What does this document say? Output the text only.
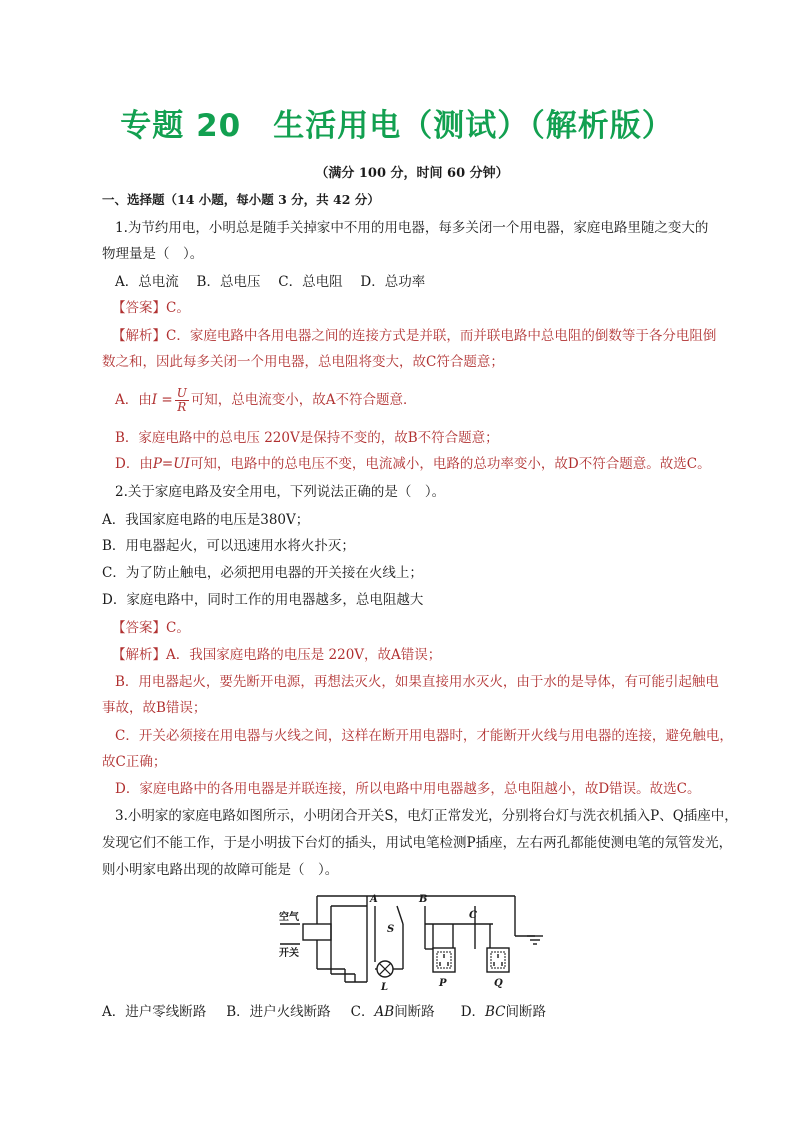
专题 20　生活用电（测试）（解析版）
（满分 100 分，时间 60 分钟）
一、选择题（14 小题，每小题 3 分，共 42 分）
1.为节约用电，小明总是随手关掉家中不用的用电器，每多关闭一个用电器，家庭电路里随之变大的
物理量是（　）。
A．总电流　 B．总电压　 C．总电阻　 D．总功率
【答案】C。
【解析】C．家庭电路中各用电器之间的连接方式是并联，而并联电路中总电阻的倒数等于各分电阻倒
数之和，因此每多关闭一个用电器，总电阻将变大，故C符合题意；
A．由$I = \frac{U}{R}$ 可知，总电流变小，故A不符合题意．
B．家庭电路中的总电压 220V是保持不变的，故B不符合题意；
D．由P=UI可知，电路中的总电压不变，电流减小，电路的总功率变小，故D不符合题意。故选C。
2.关于家庭电路及安全用电，下列说法正确的是（　）。
A．我国家庭电路的电压是380V；
B．用电器起火，可以迅速用水将火扑灭；
C．为了防止触电，必须把用电器的开关接在火线上；
D．家庭电路中，同时工作的用电器越多，总电阻越大
【答案】C。
【解析】A．我国家庭电路的电压是 220V，故A错误；
B．用电器起火，要先断开电源，再想法灭火，如果直接用水灭火，由于水的是导体，有可能引起触电
事故，故B错误；
C．开关必须接在用电器与火线之间，这样在断开用电器时，才能断开火线与用电器的连接，避免触电，
故C正确；
D．家庭电路中的各用电器是并联连接，所以电路中用电器越多，总电阻越小，故D错误。故选C。
3.小明家的家庭电路如图所示，小明闭合开关S，电灯正常发光，分别将台灯与洗衣机插入P、Q插座中，
发现它们不能工作，于是小明拔下台灯的插头，用试电笔检测P插座，左右两孔都能使测电笔的氖管发光，
则小明家电路出现的故障可能是（　）。
空气
开关
A	B
C
S
L	P	Q
A．进户零线断路 B．进户火线断路 C．AB间断路 D．BC间断路
